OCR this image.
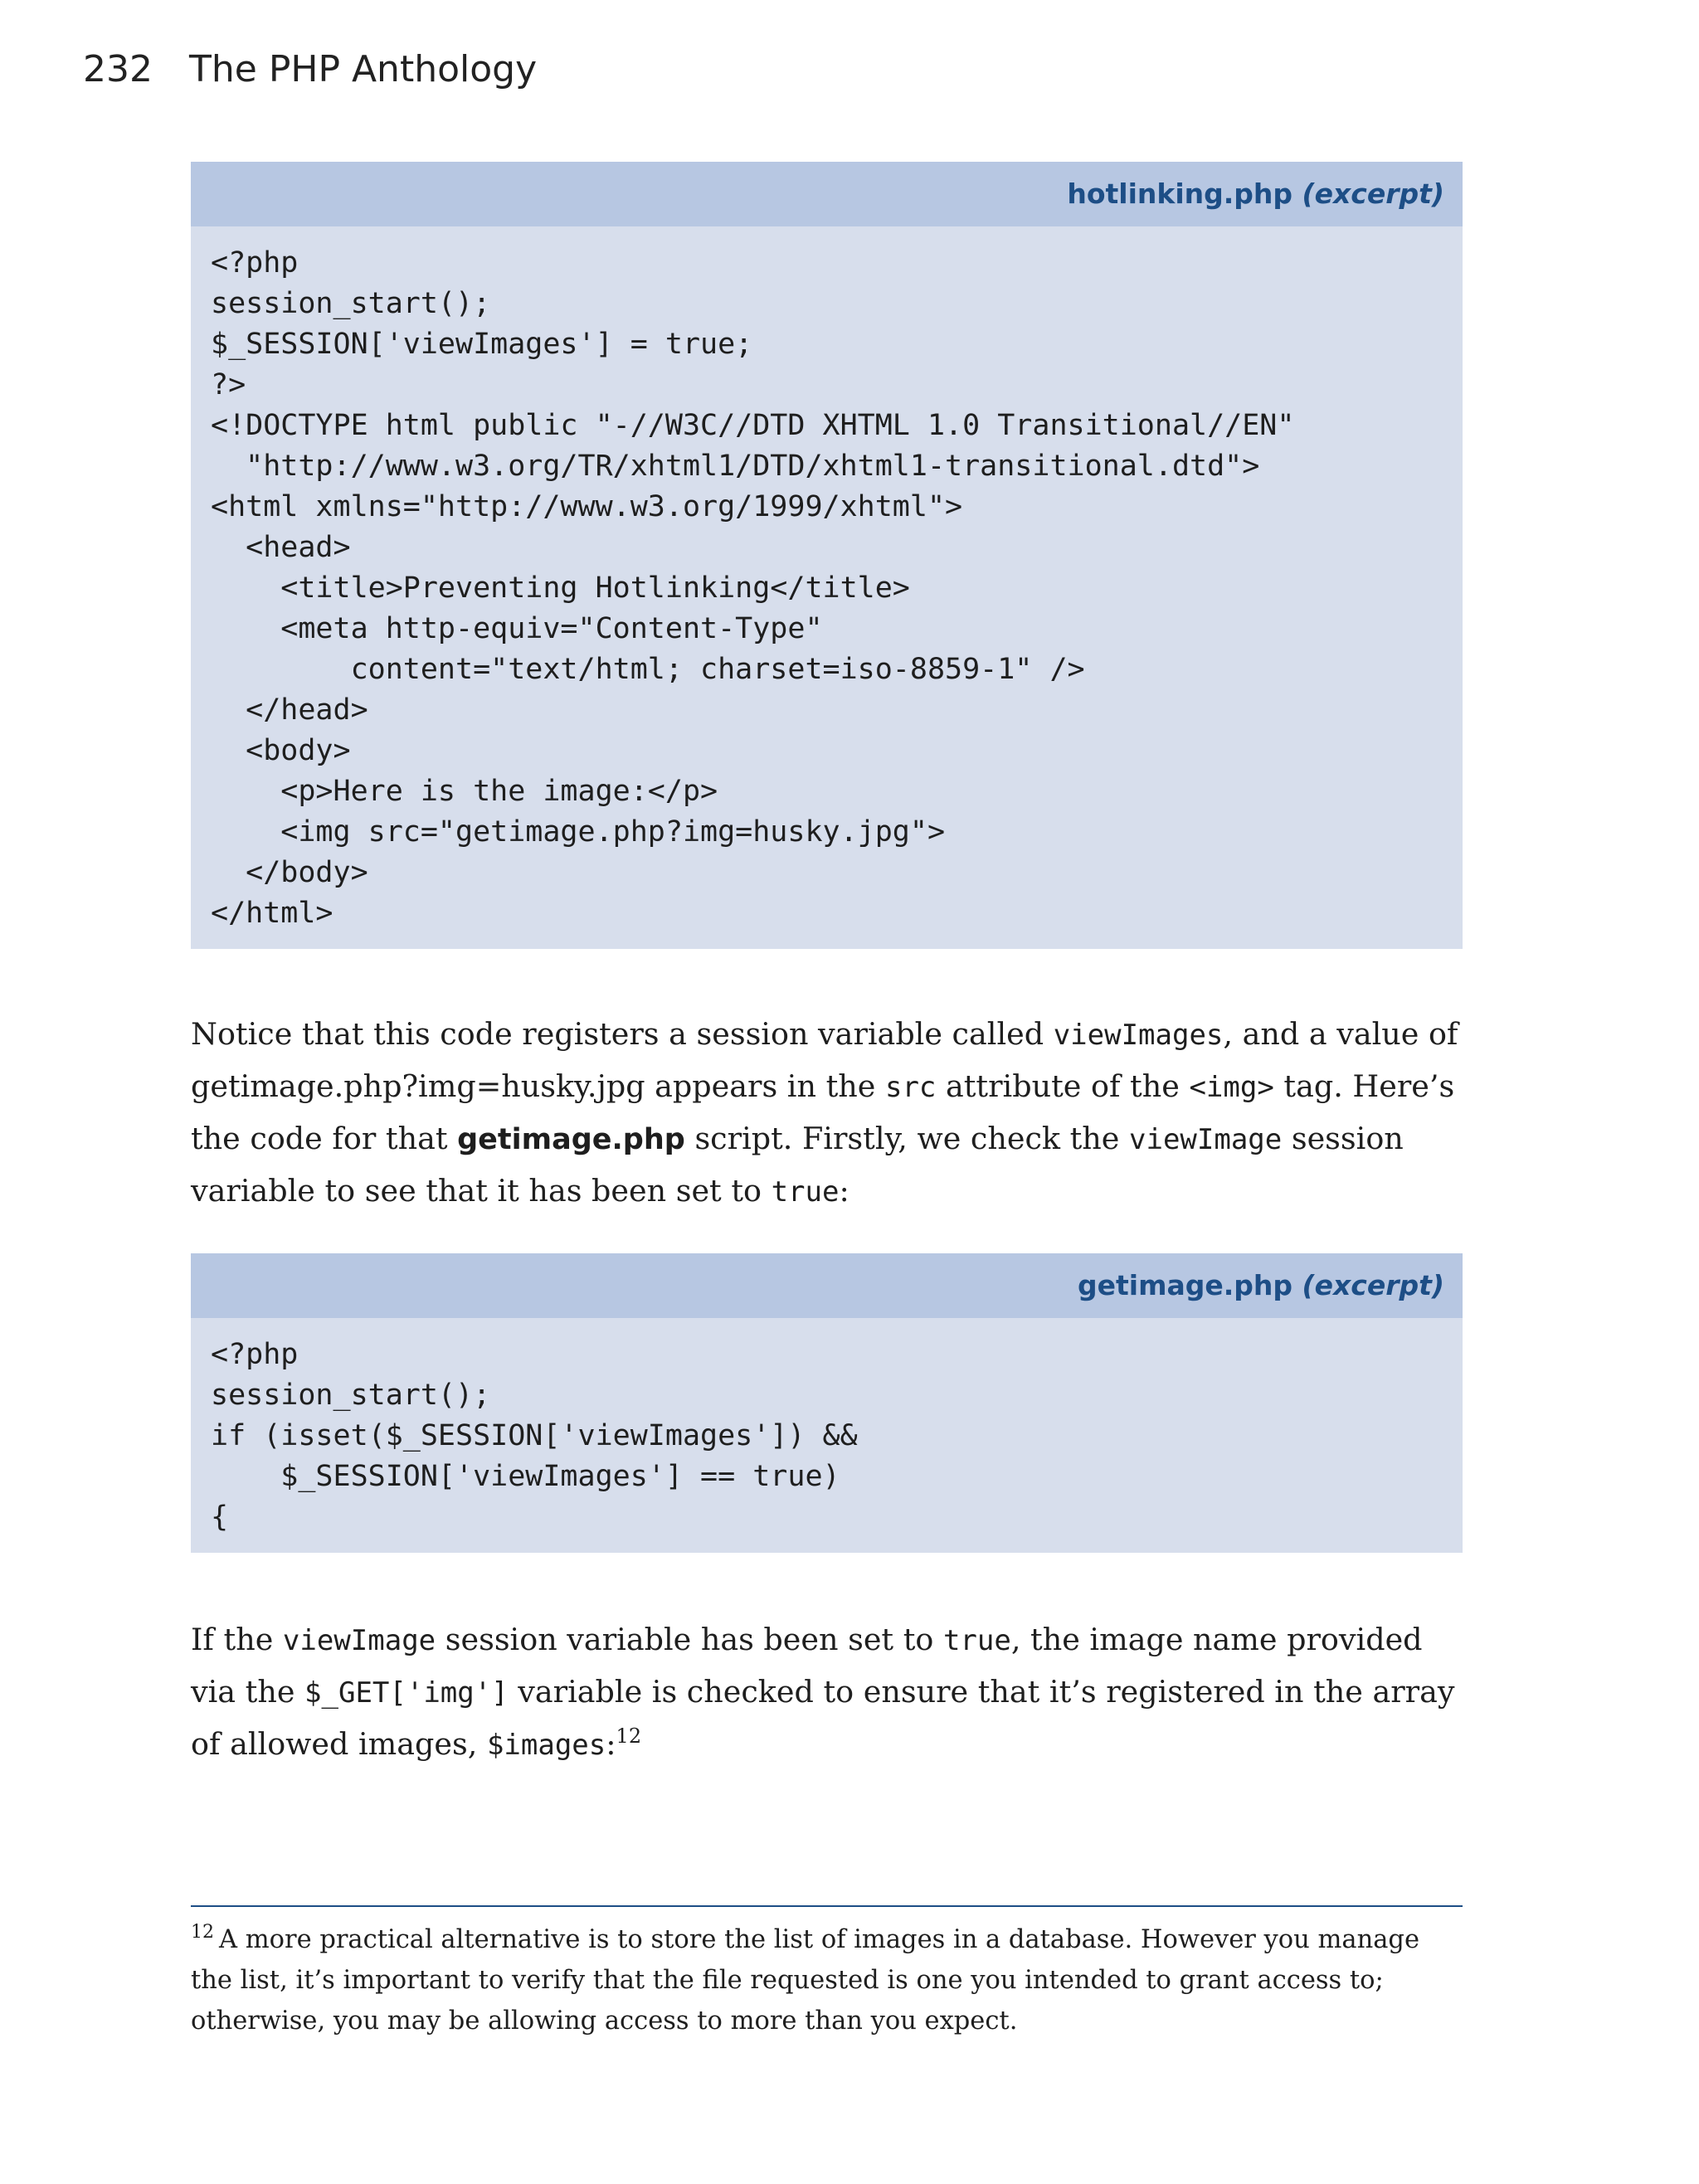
232 The PHP Anthology
hotlinking.php (excerpt)
<?php
session_start();
$_SESSION['viewImages'] = true;
?>
<!DOCTYPE html public "-//W3C//DTD XHTML 1.0 Transitional//EN"
"http://www.w3.org/TR/xhtml1/DTD/xhtml1-transitional.dtd">
<html xmlns="http://www.w3.org/1999/xhtml">
<head>
<title>Preventing Hotlinking</title>
<meta http-equiv="Content-Type"
content="text/html; charset=iso-8859-1" />
</head>
<body>
<p>Here is the image:</p>
<img src="getimage.php?img=husky.jpg">
</body>
</html>

Notice that this code registers a session variable called viewImages, and a value of getimage.php?img=husky.jpg appears in the src attribute of the <img> tag. Here’s the code for that getimage.php script. Firstly, we check the viewImage session variable to see that it has been set to true:

getimage.php (excerpt)
<?php
session_start();
if (isset($_SESSION['viewImages']) &&
$_SESSION['viewImages'] == true)
{

If the viewImage session variable has been set to true, the image name provided via the $_GET['img'] variable is checked to ensure that it’s registered in the array of allowed images, $images:$^{12}$

$^{12}$ A more practical alternative is to store the list of images in a database. However you manage the list, it’s important to verify that the file requested is one you intended to grant access to; otherwise, you may be allowing access to more than you expect.
